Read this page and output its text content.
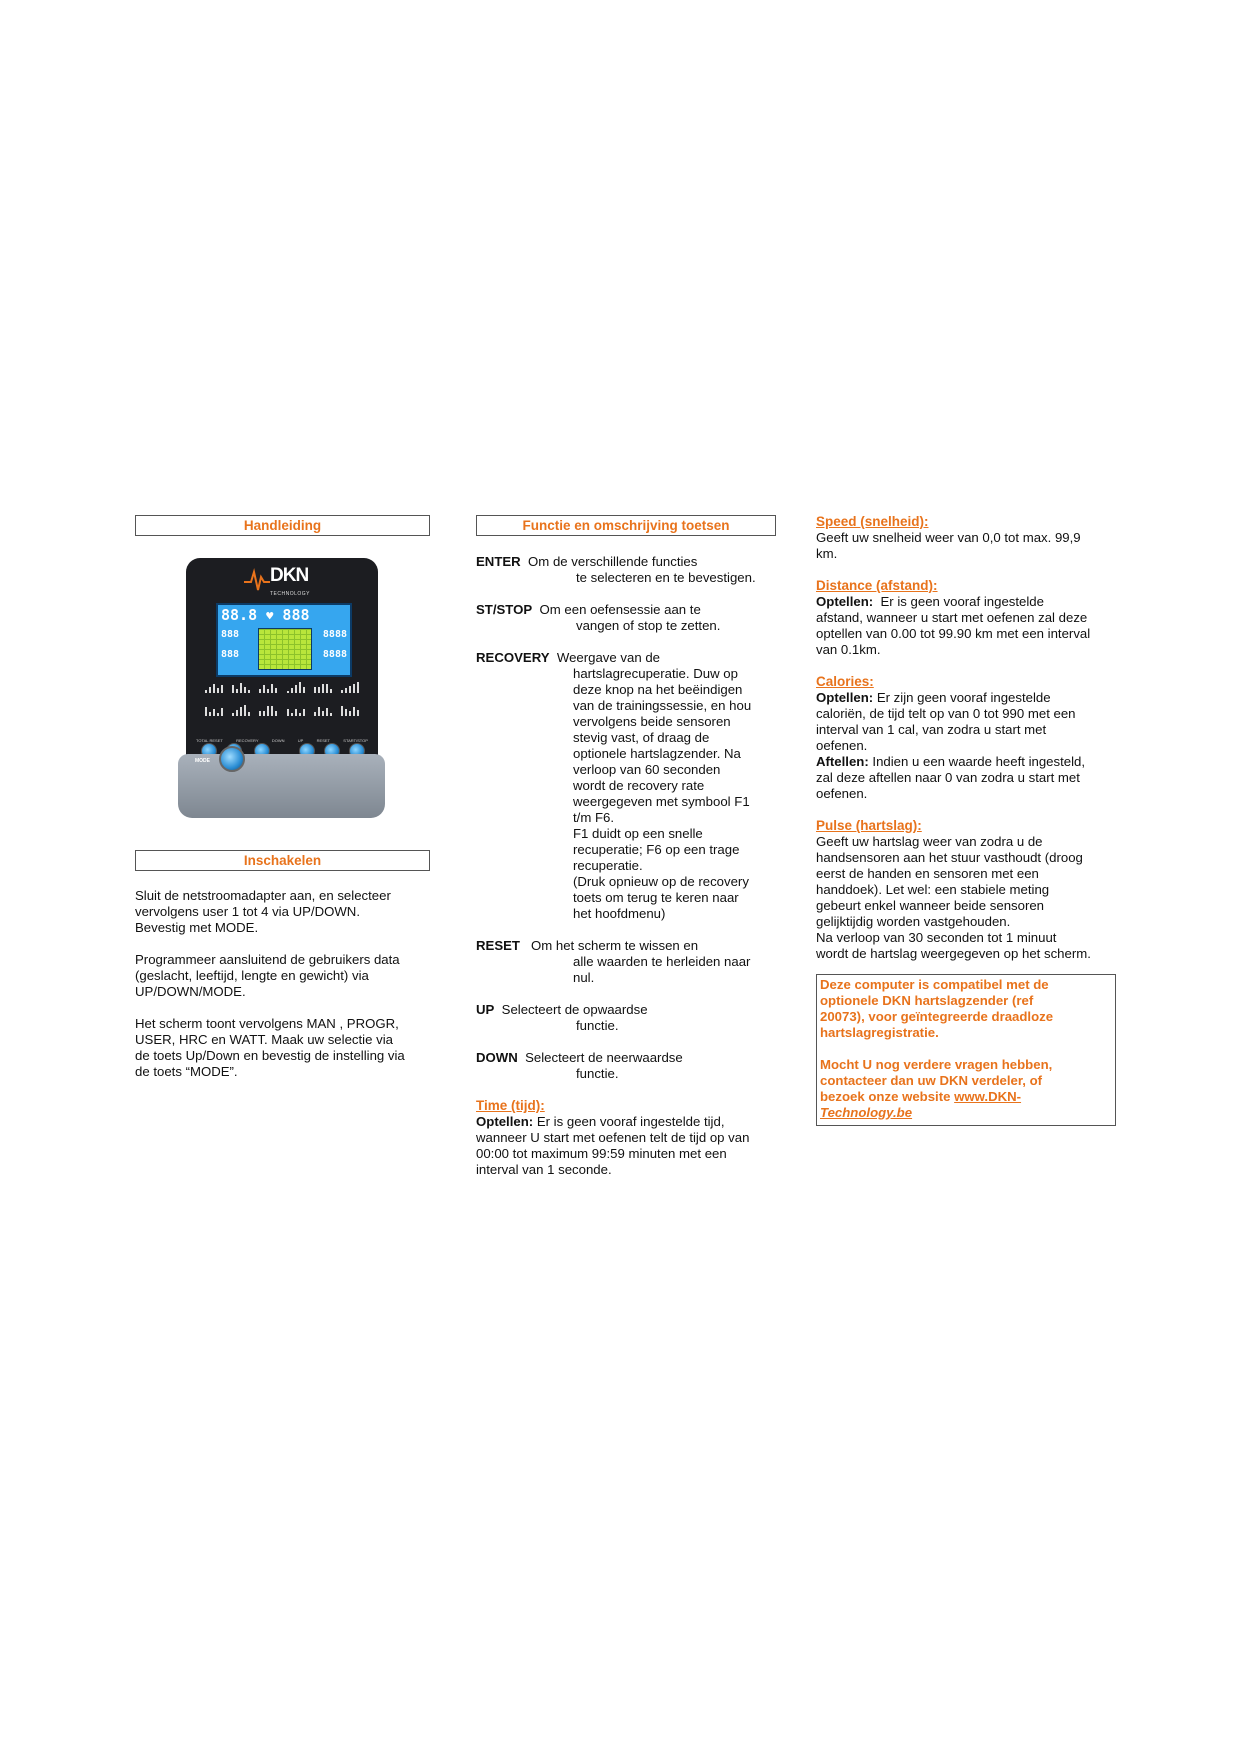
Handleiding
DKN
TECHNOLOGY
88.8 ♥ 888
888
888
8888
8888
TOTAL RESET	RECOVERY	DOWN	UP	RESET	START/STOP
MODE
Inschakelen

Sluit de netstroomadapter aan, en selecteer
vervolgens user 1 tot 4 via UP/DOWN.
Bevestig met MODE.

Programmeer aansluitend de gebruikers data
(geslacht, leeftijd, lengte en gewicht) via
UP/DOWN/MODE.

Het scherm toont vervolgens MAN , PROGR,
USER, HRC en WATT. Maak uw selectie via
de toets Up/Down en bevestig de instelling via
de toets “MODE”.

Functie en omschrijving toetsen
ENTER Om de verschillende functies
te selecteren en te bevestigen.
ST/STOP Om een oefensessie aan te
vangen of stop te zetten.
RECOVERY Weergave van de
hartslagrecuperatie. Duw op
deze knop na het beëindigen
van de trainingssessie, en hou
vervolgens beide sensoren
stevig vast, of draag de
optionele hartslagzender. Na
verloop van 60 seconden
wordt de recovery rate
weergegeven met symbool F1
t/m F6.
F1 duidt op een snelle
recuperatie; F6 op een trage
recuperatie.
(Druk opnieuw op de recovery
toets om terug te keren naar
het hoofdmenu)
RESET Om het scherm te wissen en
alle waarden te herleiden naar
nul.
UP Selecteert de opwaardse
functie.
DOWN Selecteert de neerwaardse
functie.

Time (tijd):

Optellen: Er is geen vooraf ingestelde tijd,
wanneer U start met oefenen telt de tijd op van
00:00 tot maximum 99:59 minuten met een
interval van 1 seconde.

Speed (snelheid):

Geeft uw snelheid weer van 0,0 tot max. 99,9
km.

Distance (afstand):

Optellen:  Er is geen vooraf ingestelde
afstand, wanneer u start met oefenen zal deze
optellen van 0.00 tot 99.90 km met een interval
van 0.1km.

Calories:

Optellen: Er zijn geen vooraf ingestelde
caloriën, de tijd telt op van 0 tot 990 met een
interval van 1 cal, van zodra u start met
oefenen.
Aftellen: Indien u een waarde heeft ingesteld,
zal deze aftellen naar 0 van zodra u start met
oefenen.

Pulse (hartslag):

Geeft uw hartslag weer van zodra u de
handsensoren aan het stuur vasthoudt (droog
eerst de handen en sensoren met een
handdoek). Let wel: een stabiele meting
gebeurt enkel wanneer beide sensoren
gelijktijdig worden vastgehouden.
Na verloop van 30 seconden tot 1 minuut
wordt de hartslag weergegeven op het scherm.
Deze computer is compatibel met de
optionele DKN hartslagzender (ref
20073), voor geïntegreerde draadloze
hartslagregistratie.
Mocht U nog verdere vragen hebben,
contacteer dan uw DKN verdeler, of
bezoek onze website www.DKN-
Technology.be
